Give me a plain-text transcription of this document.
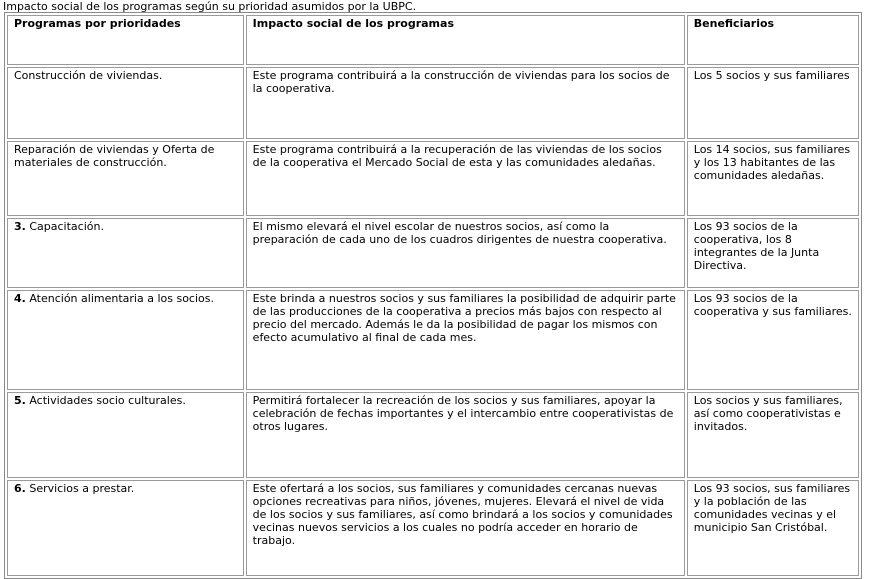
Impacto social de los programas según su prioridad asumidos por la UBPC.
Programas por prioridades	Impacto social de los programas	Beneficiarios
Construcción de viviendas.	Este programa contribuirá a la construcción de viviendas para los socios de la cooperativa.	Los 5 socios y sus familiares
Reparación de viviendas y Oferta de materiales de construcción.	Este programa contribuirá a la recuperación de las viviendas de los socios de la cooperativa el Mercado Social de esta y las comunidades aledañas.	Los 14 socios, sus familiares y los 13 habitantes de las comunidades aledañas.
3. Capacitación.	El mismo elevará el nivel escolar de nuestros socios, así como la preparación de cada uno de los cuadros dirigentes de nuestra cooperativa.	Los 93 socios de la cooperativa, los 8 integrantes de la Junta Directiva.
4. Atención alimentaria a los socios.	Este brinda a nuestros socios y sus familiares la posibilidad de adquirir parte de las producciones de la cooperativa a precios más bajos con respecto al precio del mercado. Además le da la posibilidad de pagar los mismos con efecto acumulativo al final de cada mes.	Los 93 socios de la cooperativa y sus familiares.
5. Actividades socio culturales.	Permitirá fortalecer la recreación de los socios y sus familiares, apoyar la celebración de fechas importantes y el intercambio entre cooperativistas de otros lugares.	Los socios y sus familiares, así como cooperativistas e invitados.
6. Servicios a prestar.	Este ofertará a los socios, sus familiares y comunidades cercanas nuevas opciones recreativas para niños, jóvenes, mujeres. Elevará el nivel de vida de los socios y sus familiares, así como brindará a los socios y comunidades vecinas nuevos servicios a los cuales no podría acceder en horario de trabajo.	Los 93 socios, sus familiares y la población de las comunidades vecinas y el municipio San Cristóbal.
